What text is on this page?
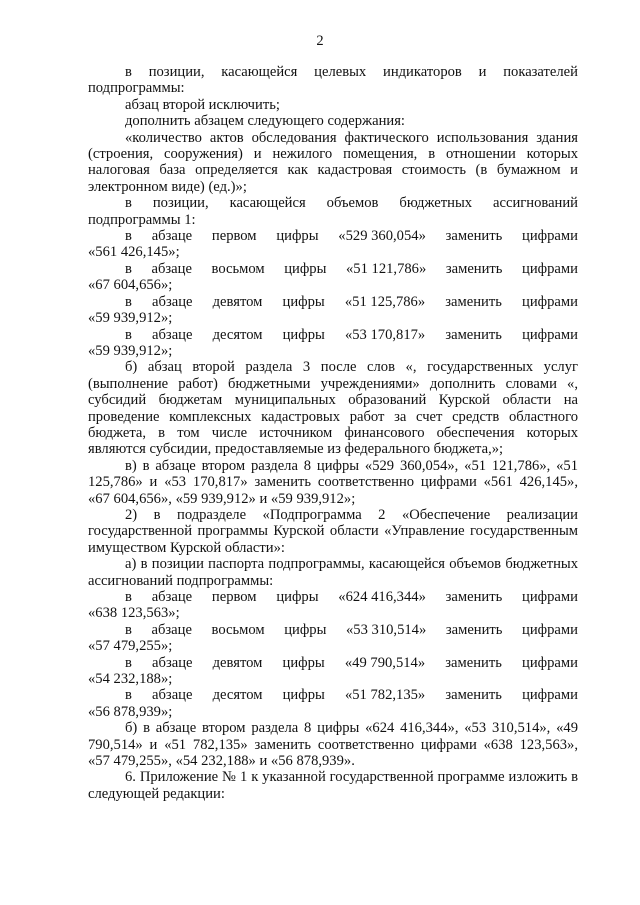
2
в позиции, касающейся целевых индикаторов и показателей

подпрограммы:

абзац второй исключить;

дополнить абзацем следующего содержания:

«количество актов обследования фактического использования здания (строения, сооружения) и нежилого помещения, в отношении которых налоговая база определяется как кадастровая стоимость (в бумажном и электронном виде) (ед.)»;

в позиции, касающейся объемов бюджетных ассигнований

подпрограммы 1:

в абзаце первом цифры «529 360,054» заменить цифрами

«561 426,145»;

в абзаце восьмом цифры «51 121,786» заменить цифрами

«67 604,656»;

в абзаце девятом цифры «51 125,786» заменить цифрами

«59 939,912»;

в абзаце десятом цифры «53 170,817» заменить цифрами

«59 939,912»;

б) абзац второй раздела 3 после слов «, государственных услуг (выполнение работ) бюджетными учреждениями» дополнить словами «, субсидий бюджетам муниципальных образований Курской области на проведение комплексных кадастровых работ за счет средств областного бюджета, в том числе источником финансового обеспечения которых являются субсидии, предоставляемые из федерального бюджета,»;

в) в абзаце втором раздела 8 цифры «529 360,054», «51 121,786», «51 125,786» и «53 170,817» заменить соответственно цифрами «561 426,145», «67 604,656», «59 939,912» и «59 939,912»;

2) в подразделе «Подпрограмма 2 «Обеспечение реализации государственной программы Курской области «Управление государственным имуществом Курской области»:

а) в позиции паспорта подпрограммы, касающейся объемов бюджетных ассигнований подпрограммы:

в абзаце первом цифры «624 416,344» заменить цифрами

«638 123,563»;

в абзаце восьмом цифры «53 310,514» заменить цифрами

«57 479,255»;

в абзаце девятом цифры «49 790,514» заменить цифрами

«54 232,188»;

в абзаце десятом цифры «51 782,135» заменить цифрами

«56 878,939»;

б) в абзаце втором раздела 8 цифры «624 416,344», «53 310,514», «49 790,514» и «51 782,135» заменить соответственно цифрами «638 123,563», «57 479,255», «54 232,188» и «56 878,939».

6. Приложение № 1 к указанной государственной программе изложить в следующей редакции:
